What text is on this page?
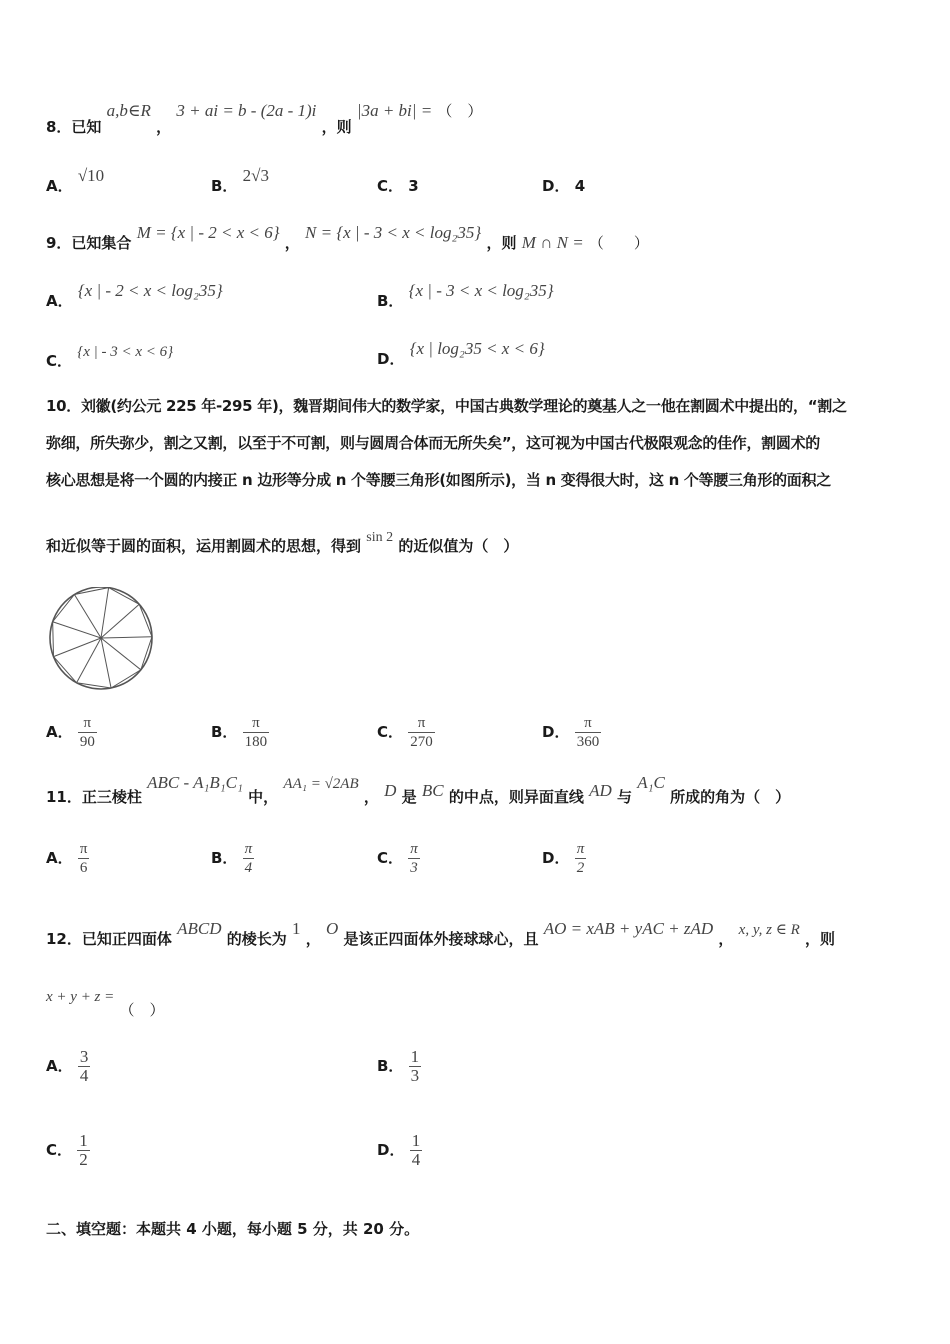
8．已知 a,b∈R ， 3 + ai = b - (2a - 1)i ，则 |3a + bi| = （　）
A． √10
B． 2√3
C． 3	D． 4
9．已知集合 M = {x | - 2 < x < 6} ， N = {x | - 3 < x < log₂35} ，则 M ∩ N = （　　）
A． {x | - 2 < x < log₂35}
B． {x | - 3 < x < log₂35}
C． {x | - 3 < x < 6}	D． {x | log₂35 < x < 6}
10．刘徽(约公元 225 年-295 年)，魏晋期间伟大的数学家，中国古典数学理论的奠基人之一他在割圆术中提出的，“割之
弥细，所失弥少，割之又割，以至于不可割，则与圆周合体而无所失矣”，这可视为中国古代极限观念的佳作，割圆术的
核心思想是将一个圆的内接正 n 边形等分成 n 个等腰三角形(如图所示)，当 n 变得很大时，这 n 个等腰三角形的面积之
和近似等于圆的面积，运用割圆术的思想，得到 sin 2 的近似值为（　）
A． $\frac{\pi}{90}$	B． $\frac{\pi}{180}$	C． $\frac{\pi}{270}$	D． $\frac{\pi}{360}$
11．正三棱柱 ABC - A₁B₁C₁ 中， AA₁ = √2AB ， D 是 BC 的中点，则异面直线 AD 与 A₁C 所成的角为（　）
A． $\frac{\pi}{6}$	B． $\frac{\pi}{4}$	C． $\frac{\pi}{3}$	D． $\frac{\pi}{2}$
12．已知正四面体 ABCD 的棱长为 1 ， O 是该正四面体外接球球心，且 AO = xAB + yAC + zAD ， x, y, z ∈ R ，则
x + y + z = （　）
A． $\frac{3}{4}$	B． $\frac{1}{3}$
C． $\frac{1}{2}$	D． $\frac{1}{4}$
二、填空题：本题共 4 小题，每小题 5 分，共 20 分。
